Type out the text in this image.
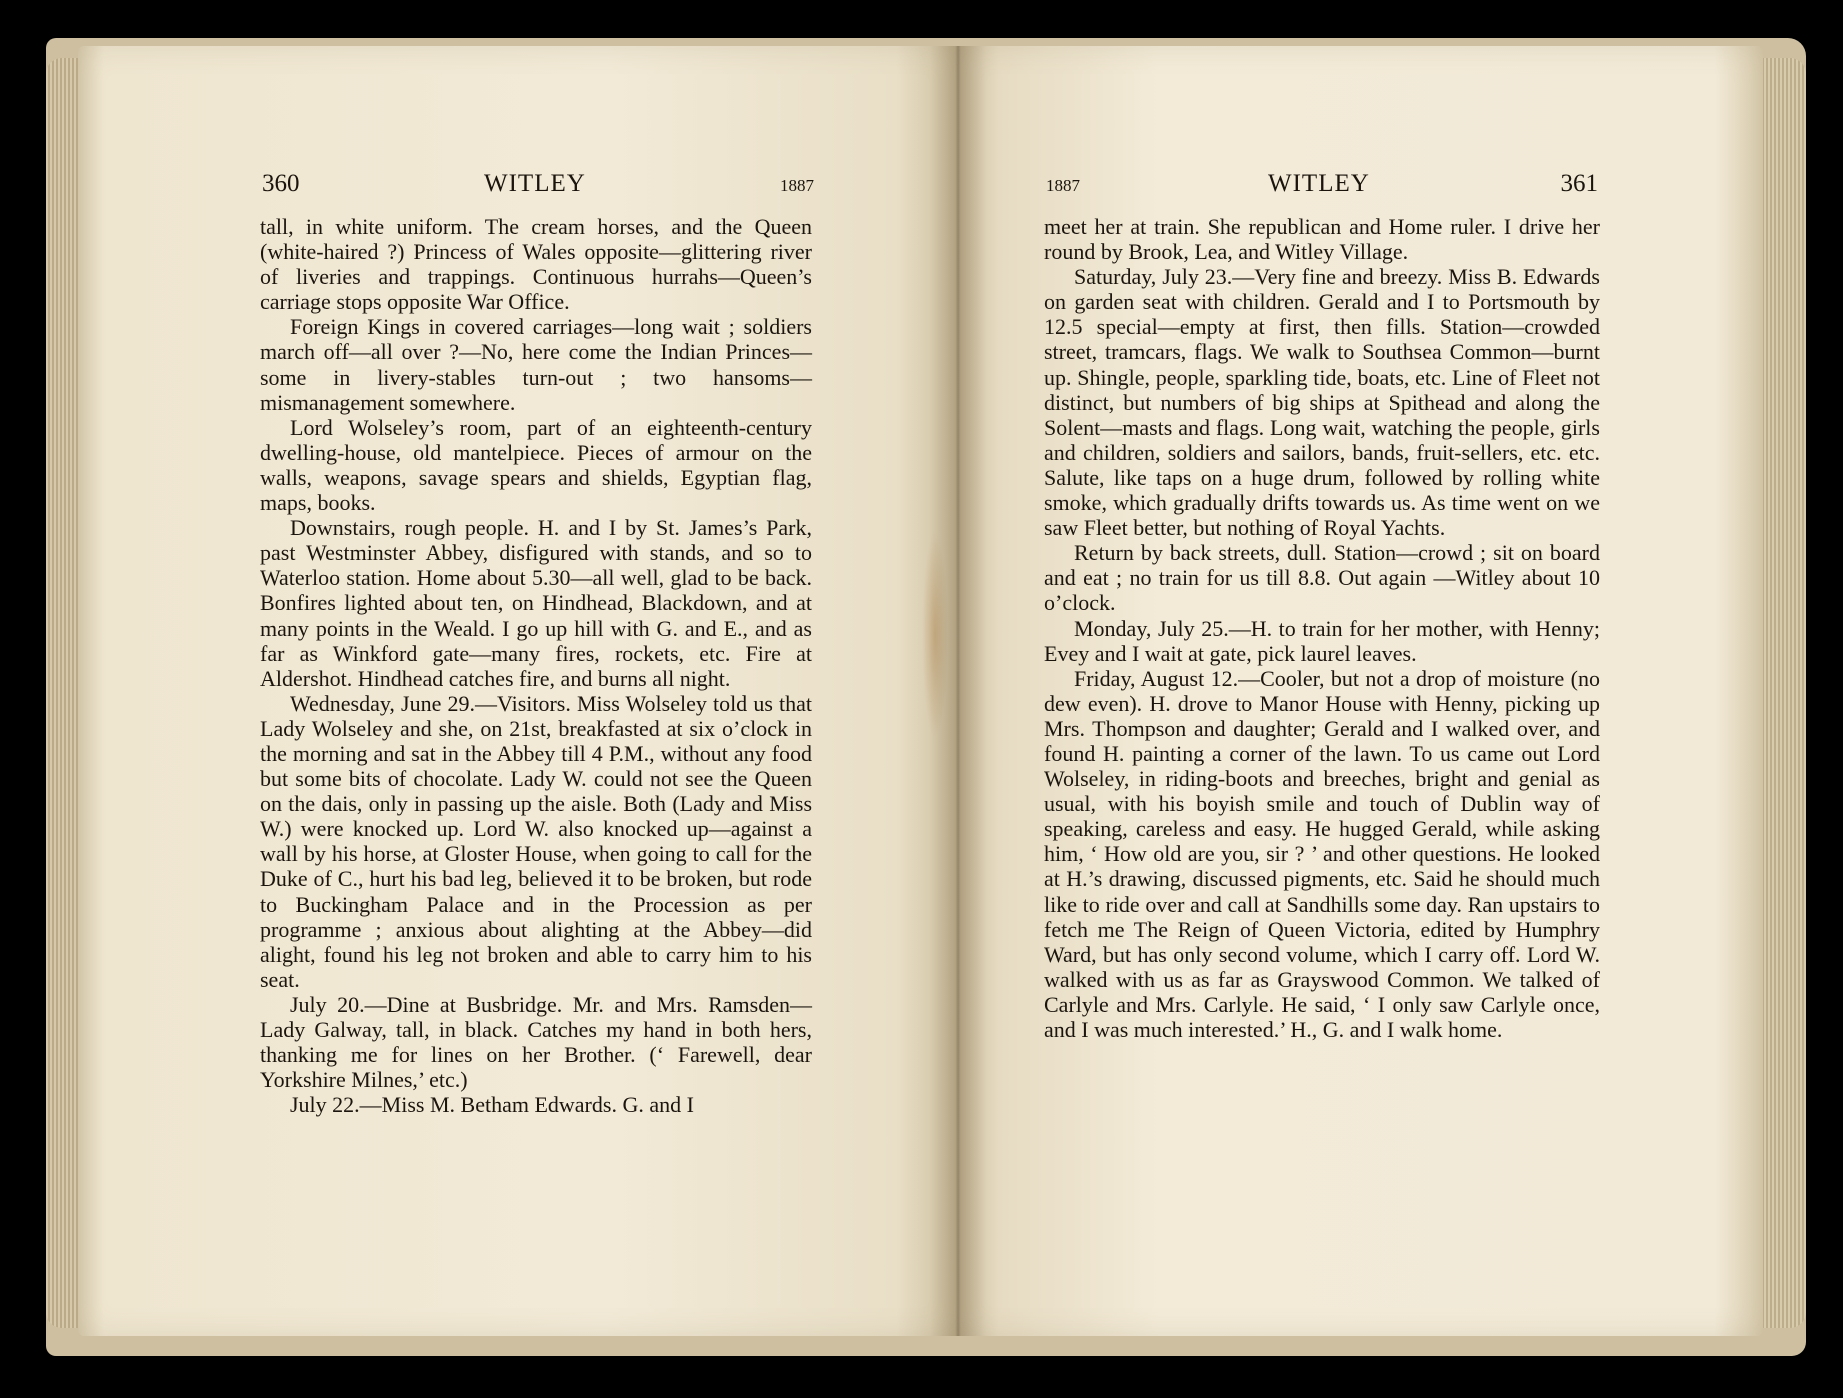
360	WITLEY	1887	1887	WITLEY	361

tall, in white uniform. The cream horses, and the Queen (white-haired ?) Princess of Wales opposite—glittering river of liveries and trappings. Continuous hurrahs—Queen’s carriage stops opposite War Office.

Foreign Kings in covered carriages—long wait ; soldiers march off—all over ?—No, here come the Indian Princes—some in livery-stables turn-out ; two hansoms—mismanagement somewhere.

Lord Wolseley’s room, part of an eighteenth-century dwelling-house, old mantelpiece. Pieces of armour on the walls, weapons, savage spears and shields, Egyptian flag, maps, books.

Downstairs, rough people. H. and I by St. James’s Park, past Westminster Abbey, disfigured with stands, and so to Waterloo station. Home about 5.30—all well, glad to be back. Bonfires lighted about ten, on Hindhead, Blackdown, and at many points in the Weald. I go up hill with G. and E., and as far as Winkford gate—many fires, rockets, etc. Fire at Aldershot. Hindhead catches fire, and burns all night.

Wednesday, June 29.—Visitors. Miss Wolseley told us that Lady Wolseley and she, on 21st, breakfasted at six o’clock in the morning and sat in the Abbey till 4 P.M., without any food but some bits of chocolate. Lady W. could not see the Queen on the dais, only in passing up the aisle. Both (Lady and Miss W.) were knocked up. Lord W. also knocked up—against a wall by his horse, at Gloster House, when going to call for the Duke of C., hurt his bad leg, believed it to be broken, but rode to Buckingham Palace and in the Procession as per programme ; anxious about alighting at the Abbey—did alight, found his leg not broken and able to carry him to his seat.

July 20.—Dine at Busbridge. Mr. and Mrs. Ramsden—Lady Galway, tall, in black. Catches my hand in both hers, thanking me for lines on her Brother. (‘ Farewell, dear Yorkshire Milnes,’ etc.)

July 22.—Miss M. Betham Edwards. G. and I

meet her at train. She republican and Home ruler. I drive her round by Brook, Lea, and Witley Village.

Saturday, July 23.—Very fine and breezy. Miss B. Edwards on garden seat with children. Gerald and I to Portsmouth by 12.5 special—empty at first, then fills. Station—crowded street, tramcars, flags. We walk to Southsea Common—burnt up. Shingle, people, sparkling tide, boats, etc. Line of Fleet not distinct, but numbers of big ships at Spithead and along the Solent—masts and flags. Long wait, watching the people, girls and children, soldiers and sailors, bands, fruit-sellers, etc. etc. Salute, like taps on a huge drum, followed by rolling white smoke, which gradually drifts towards us. As time went on we saw Fleet better, but nothing of Royal Yachts.

Return by back streets, dull. Station—crowd ; sit on board and eat ; no train for us till 8.8. Out again —Witley about 10 o’clock.

Monday, July 25.—H. to train for her mother, with Henny; Evey and I wait at gate, pick laurel leaves.

Friday, August 12.—Cooler, but not a drop of moisture (no dew even). H. drove to Manor House with Henny, picking up Mrs. Thompson and daughter; Gerald and I walked over, and found H. painting a corner of the lawn. To us came out Lord Wolseley, in riding-boots and breeches, bright and genial as usual, with his boyish smile and touch of Dublin way of speaking, careless and easy. He hugged Gerald, while asking him, ‘ How old are you, sir ? ’ and other questions. He looked at H.’s drawing, discussed pigments, etc. Said he should much like to ride over and call at Sandhills some day. Ran upstairs to fetch me The Reign of Queen Victoria, edited by Humphry Ward, but has only second volume, which I carry off. Lord W. walked with us as far as Grayswood Common. We talked of Carlyle and Mrs. Carlyle. He said, ‘ I only saw Carlyle once, and I was much interested.’ H., G. and I walk home.
